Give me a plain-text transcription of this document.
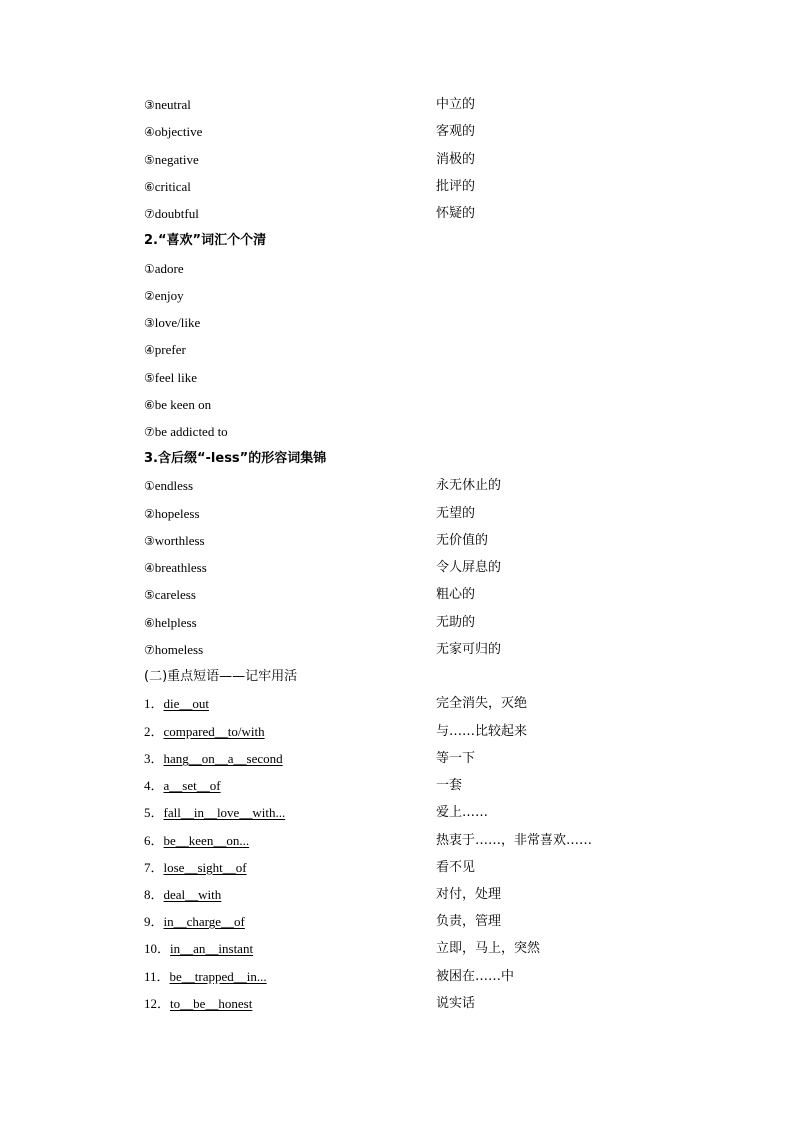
③neutral	中立的
④objective	客观的
⑤negative	消极的
⑥critical	批评的
⑦doubtful	怀疑的
2.“喜欢”词汇个个清
①adore
②enjoy
③love/like
④prefer
⑤feel like
⑥be keen on
⑦be addicted to
3.含后缀“-less”的形容词集锦
①endless	永无休止的
②hopeless	无望的
③worthless	无价值的
④breathless	令人屏息的
⑤careless	粗心的
⑥helpless	无助的
⑦homeless	无家可归的
(二)重点短语——记牢用活
1．die__out	完全消失，灭绝
2．compared__to/with	与……比较起来
3．hang__on__a__second	等一下
4．a__set__of	一套
5．fall__in__love__with...	爱上……
6．be__keen__on...	热衷于……，非常喜欢……
7．lose__sight__of	看不见
8．deal__with	对付，处理
9．in__charge__of	负责，管理
10．in__an__instant	立即，马上，突然
11．be__trapped__in...	被困在……中
12．to__be__honest	说实话
